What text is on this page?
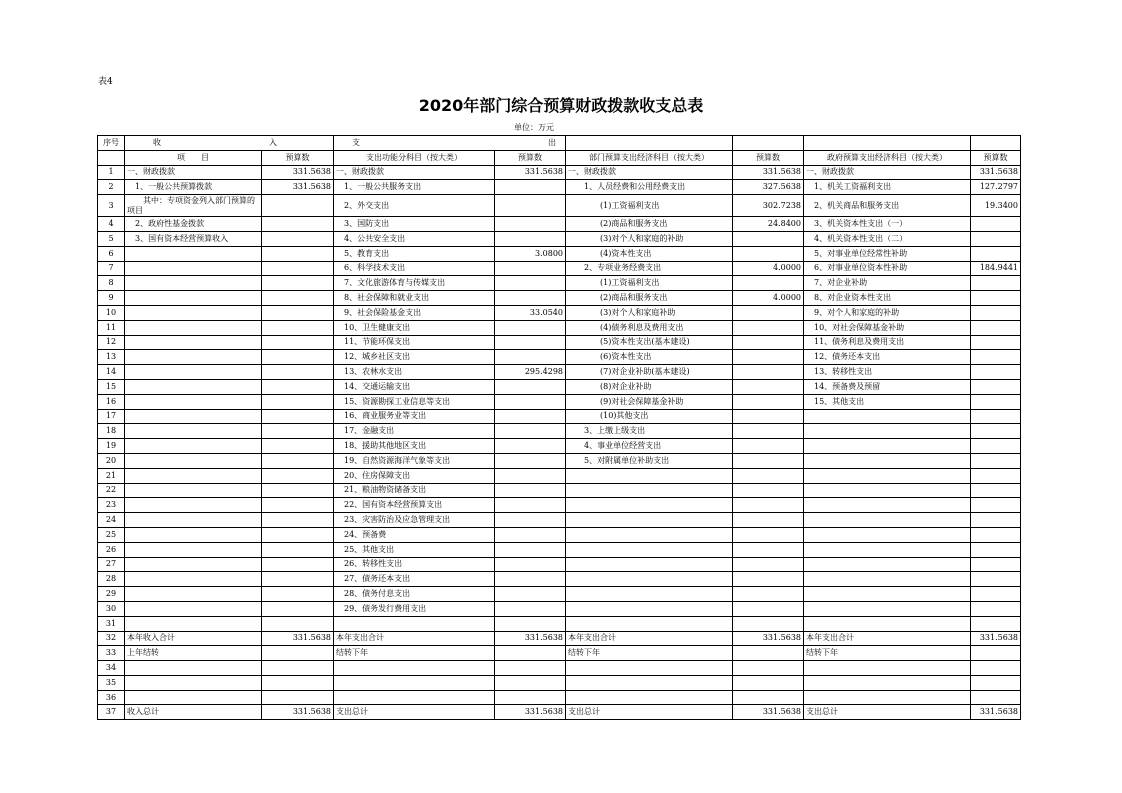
表4
2020年部门综合预算财政拨款收支总表
单位：万元
序号	收 入		支 出					
	项　　目	预算数	支出功能分科目（按大类）	预算数	部门预算支出经济科目（按大类）	预算数	政府预算支出经济科目（按大类）	预算数
1	一、财政拨款	331.5638	一、财政拨款	331.5638	一、财政拨款	331.5638	一、财政拨款	331.5638
2	　1、一般公共预算拨款	331.5638	　1、一般公共服务支出		　　1、人员经费和公用经费支出	327.5638	　1、机关工资福利支出	127.2797
3	　　其中：专项资金列入部门预算的项目		　2、外交支出		　　　　(1)工资福利支出	302.7238	　2、机关商品和服务支出	19.3400
4	　2、政府性基金拨款		　3、国防支出		　　　　(2)商品和服务支出	24.8400	　3、机关资本性支出（一）	
5	　3、国有资本经营预算收入		　4、公共安全支出		　　　　(3)对个人和家庭的补助		　4、机关资本性支出（二）	
6			　5、教育支出	3.0800	　　　　(4)资本性支出		　5、对事业单位经常性补助	
7			　6、科学技术支出		　　2、专项业务经费支出	4.0000	　6、对事业单位资本性补助	184.9441
8			　7、文化旅游体育与传媒支出		　　　　(1)工资福利支出		　7、对企业补助	
9			　8、社会保障和就业支出		　　　　(2)商品和服务支出	4.0000	　8、对企业资本性支出	
10			　9、社会保险基金支出	33.0540	　　　　(3)对个人和家庭补助		　9、对个人和家庭的补助	
11			　10、卫生健康支出		　　　　(4)债务利息及费用支出		　10、对社会保障基金补助	
12			　11、节能环保支出		　　　　(5)资本性支出(基本建设)		　11、债务利息及费用支出	
13			　12、城乡社区支出		　　　　(6)资本性支出		　12、债务还本支出	
14			　13、农林水支出	295.4298	　　　　(7)对企业补助(基本建设)		　13、转移性支出	
15			　14、交通运输支出		　　　　(8)对企业补助		　14、预备费及预留	
16			　15、资源勘探工业信息等支出		　　　　(9)对社会保障基金补助		　15、其他支出	
17			　16、商业服务业等支出		　　　　(10)其他支出			
18			　17、金融支出		　　3、上缴上级支出			
19			　18、援助其他地区支出		　　4、事业单位经营支出			
20			　19、自然资源海洋气象等支出		　　5、对附属单位补助支出			
21			　20、住房保障支出					
22			　21、粮油物资储备支出					
23			　22、国有资本经营预算支出					
24			　23、灾害防治及应急管理支出					
25			　24、预备费					
26			　25、其他支出					
27			　26、转移性支出					
28			　27、债务还本支出					
29			　28、债务付息支出					
30			　29、债务发行费用支出					
31								
32	本年收入合计	331.5638	本年支出合计	331.5638	本年支出合计	331.5638	本年支出合计	331.5638
33	上年结转		结转下年		结转下年		结转下年	
34								
35								
36								
37	收入总计	331.5638	支出总计	331.5638	支出总计	331.5638	支出总计	331.5638
